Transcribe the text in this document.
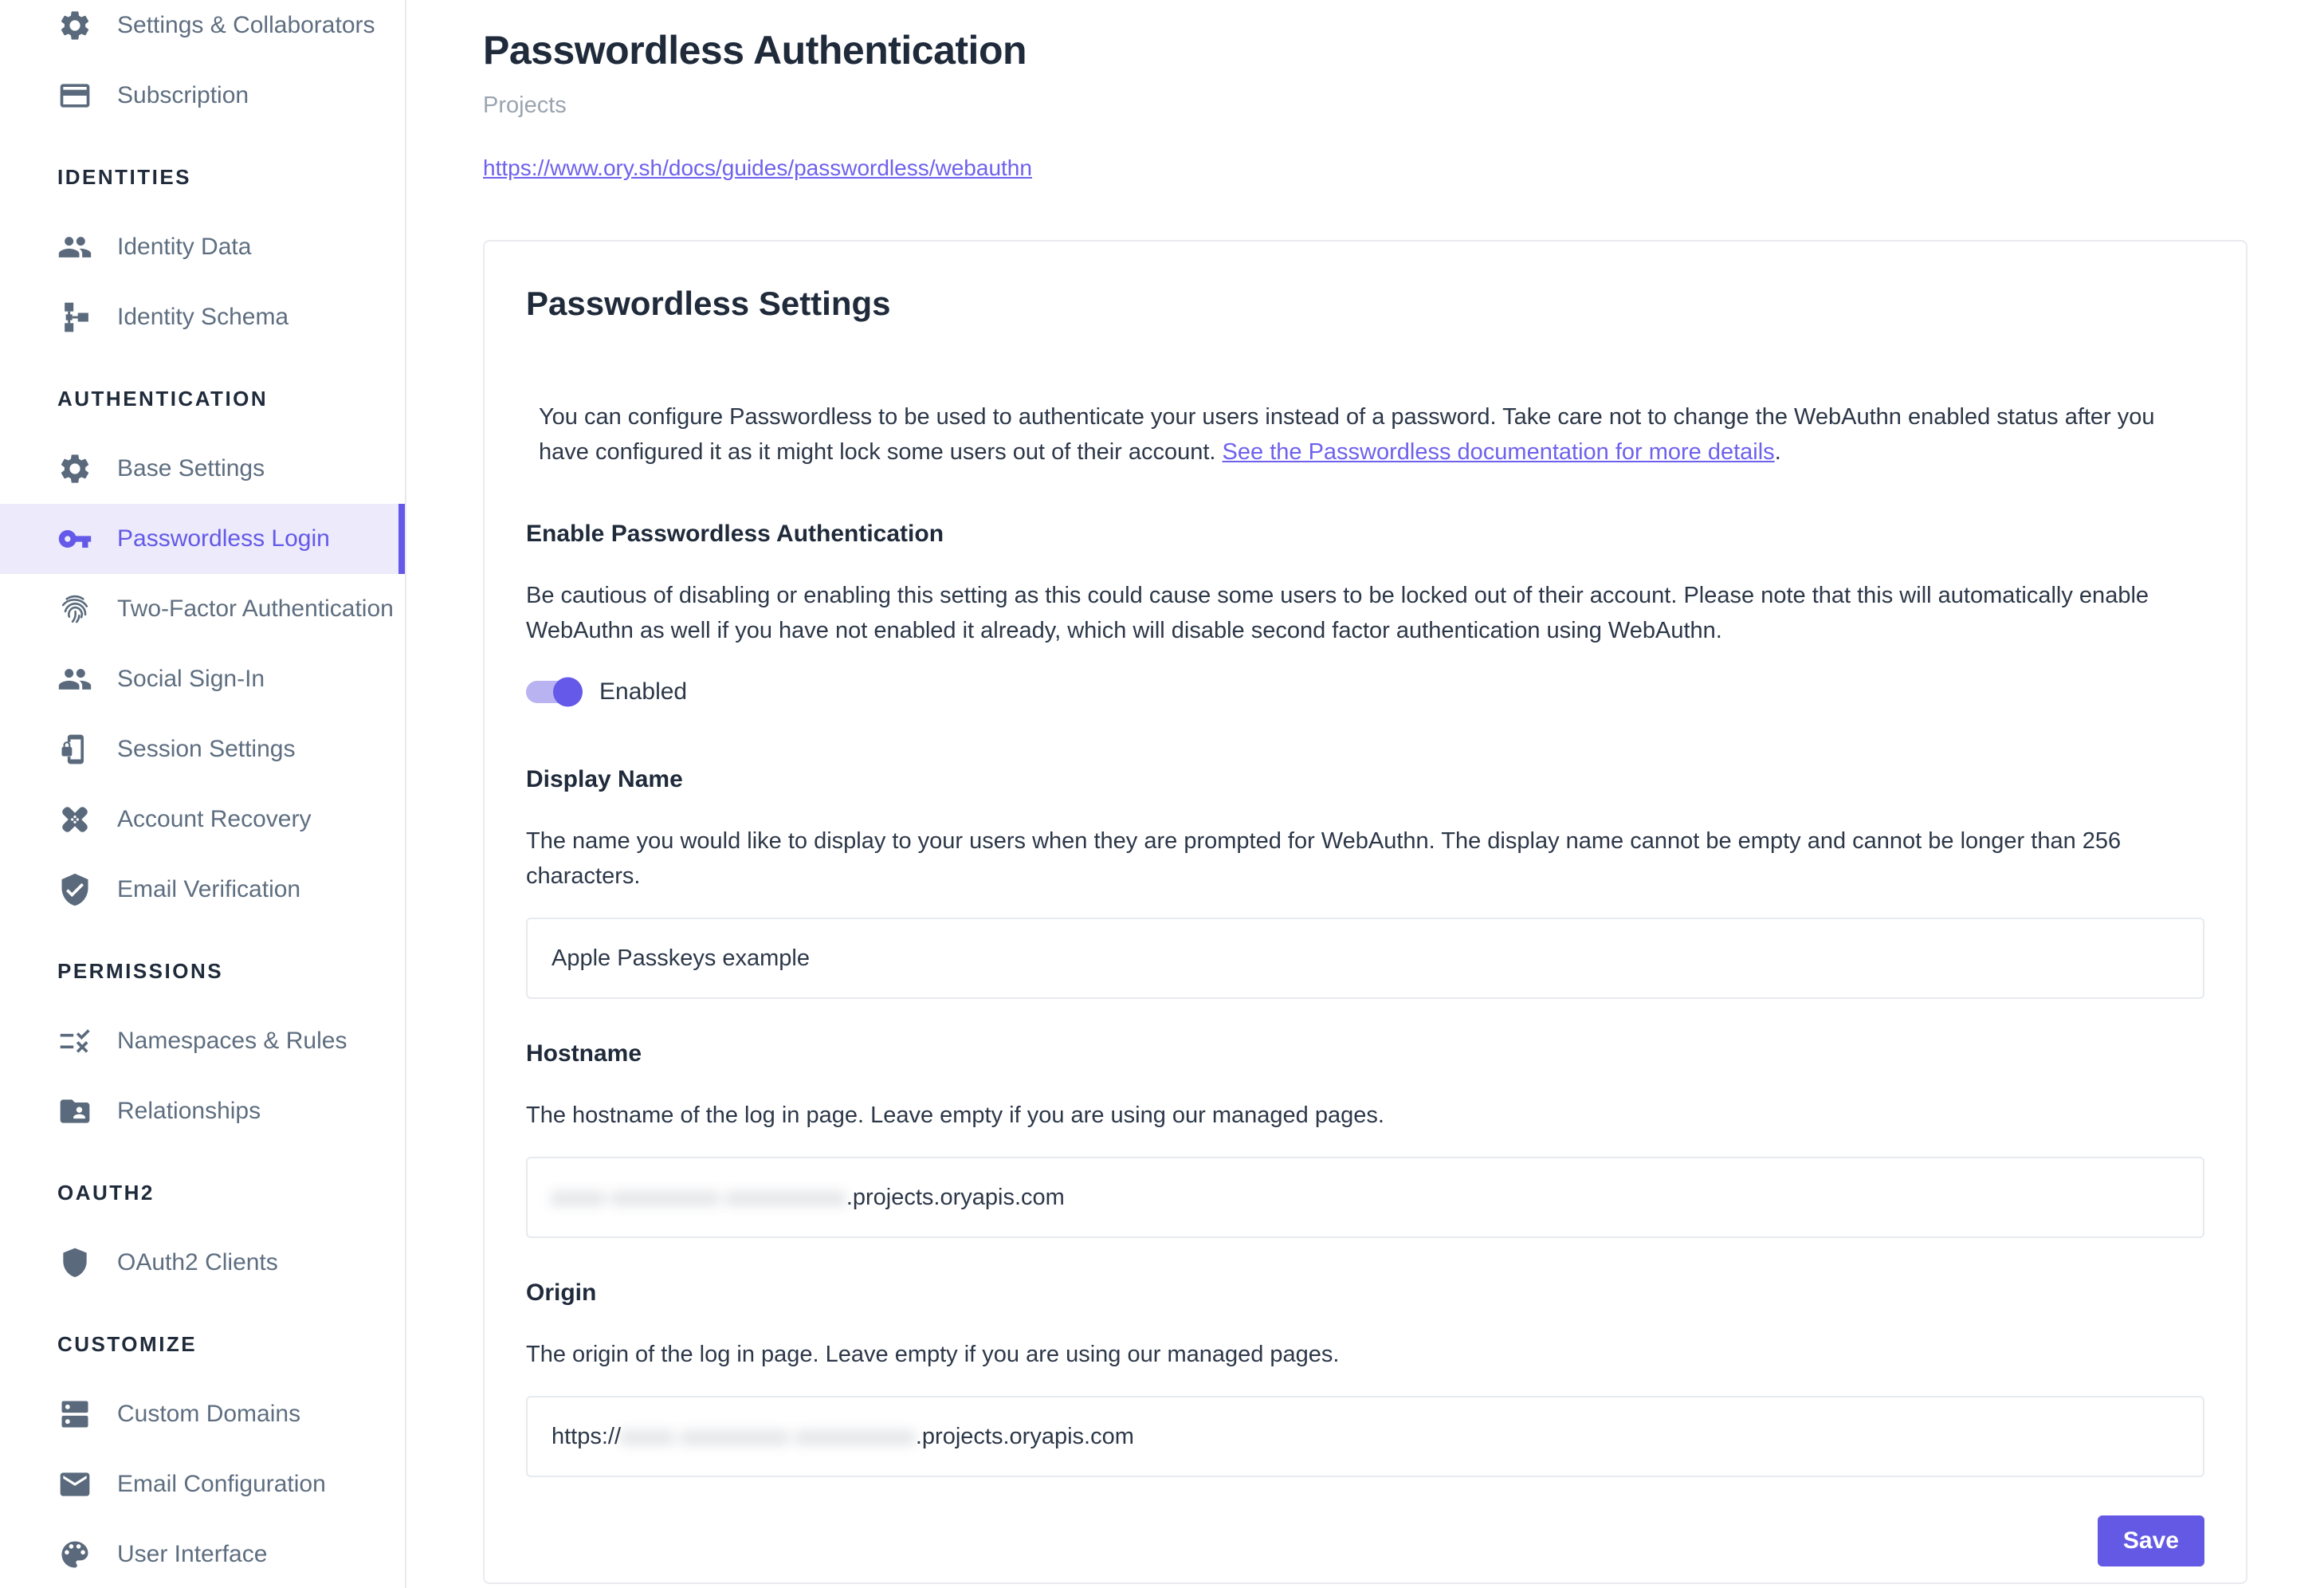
Settings & Collaborators
Subscription
IDENTITIES
Identity Data
Identity Schema
AUTHENTICATION
Base Settings
Passwordless Login
Two-Factor Authentication
Social Sign-In
Session Settings
Account Recovery
Email Verification
PERMISSIONS
Namespaces & Rules
Relationships
OAUTH2
OAuth2 Clients
CUSTOMIZE
Custom Domains
Email Configuration
User Interface
Passwordless Authentication
Projects
https://www.ory.sh/docs/guides/passwordless/webauthn
Passwordless Settings

You can configure Passwordless to be used to authenticate your users instead of a password. Take care not to change the WebAuthn enabled status after you have configured it as it might lock some users out of their account. See the Passwordless documentation for more details.

Enable Passwordless Authentication

Be cautious of disabling or enabling this setting as this could cause some users to be locked out of their account. Please note that this will automatically enable WebAuthn as well if you have not enabled it already, which will disable second factor authentication using WebAuthn.

Enabled
Display Name

The name you would like to display to your users when they are prompted for WebAuthn. The display name cannot be empty and cannot be longer than 256 characters.

Apple Passkeys example
Hostname

The hostname of the log in page. Leave empty if you are using our managed pages.

xxxx-xxxxxxxx-xxxxxxxxx .projects.oryapis.com
Origin

The origin of the log in page. Leave empty if you are using our managed pages.

https:// xxxx-xxxxxxxx-xxxxxxxxx .projects.oryapis.com
Save
